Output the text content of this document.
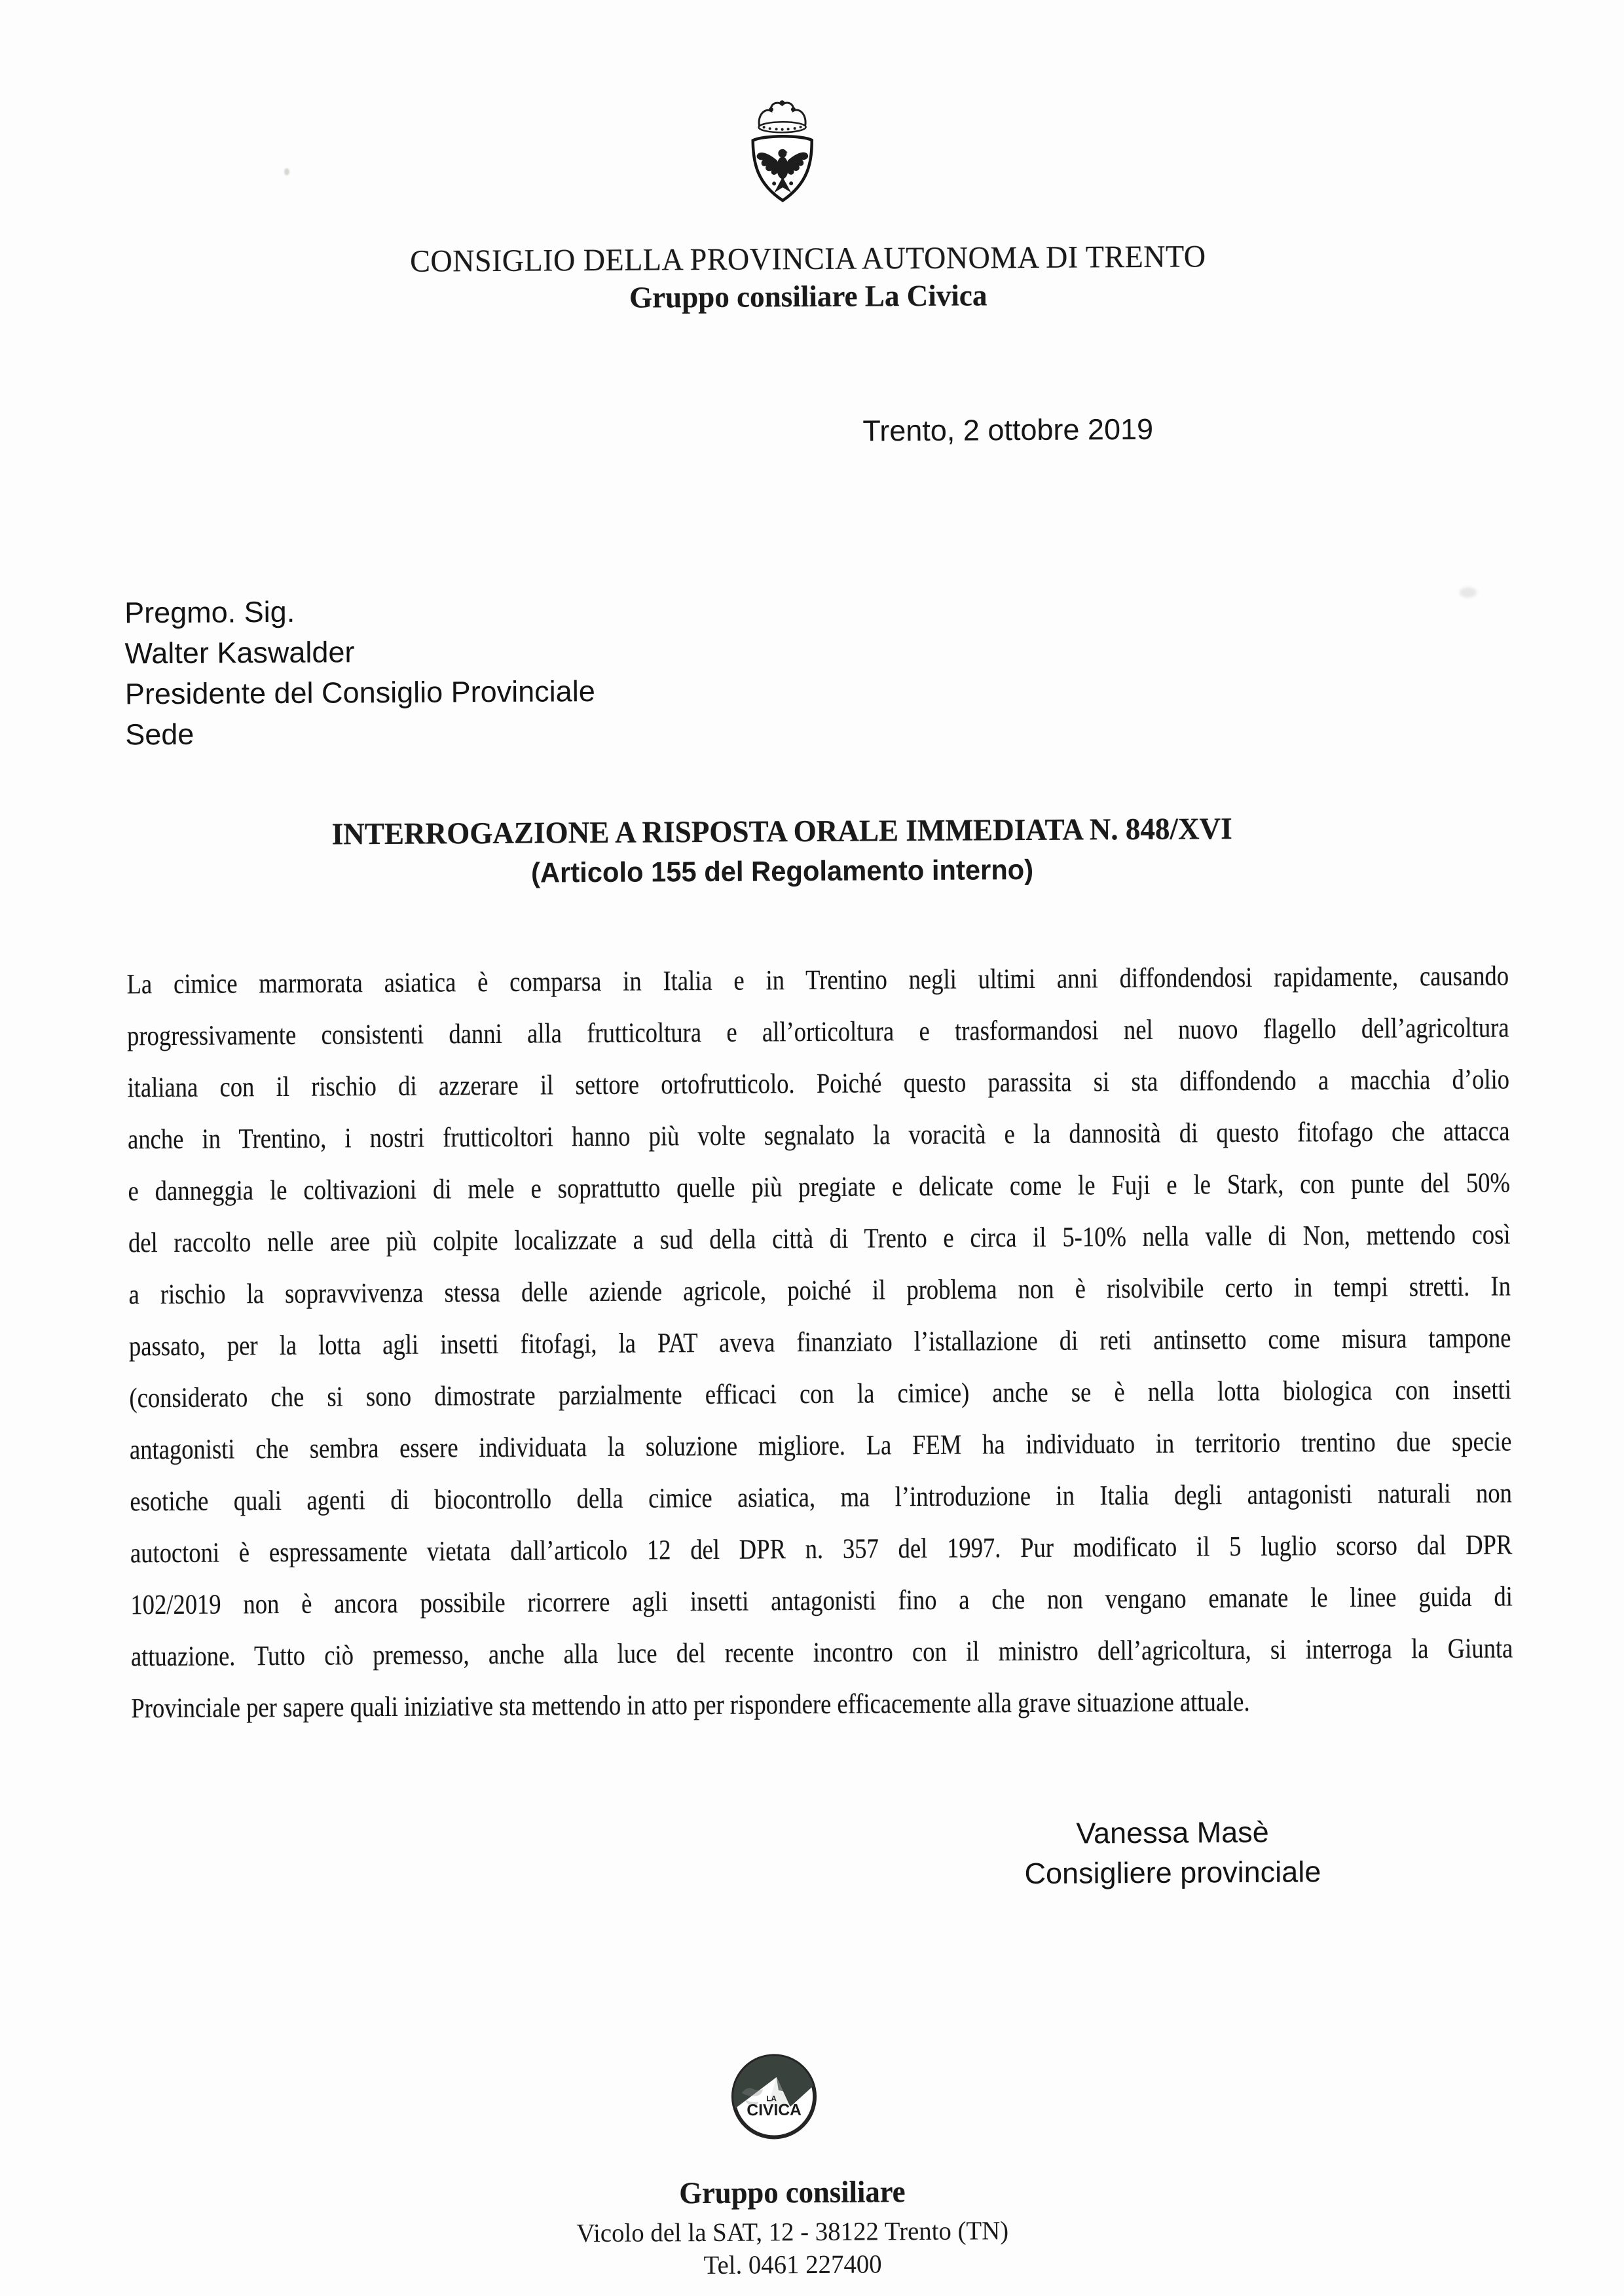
CONSIGLIO DELLA PROVINCIA AUTONOMA DI TRENTO
Gruppo consiliare La Civica
Trento, 2 ottobre 2019
Pregmo. Sig.
Walter Kaswalder
Presidente del Consiglio Provinciale
Sede
INTERROGAZIONE A RISPOSTA ORALE IMMEDIATA N. 848/XVI
(Articolo 155 del Regolamento interno)
La cimice marmorata asiatica è comparsa in Italia e in Trentino negli ultimi anni diffondendosi rapidamente, causando
progressivamente consistenti danni alla frutticoltura e all’orticoltura e trasformandosi nel nuovo flagello dell’agricoltura
italiana con il rischio di azzerare il settore ortofrutticolo. Poiché questo parassita si sta diffondendo a macchia d’olio
anche in Trentino, i nostri frutticoltori hanno più volte segnalato la voracità e la dannosità di questo fitofago che attacca
e danneggia le coltivazioni di mele e soprattutto quelle più pregiate e delicate come le Fuji e le Stark, con punte del 50%
del raccolto nelle aree più colpite localizzate a sud della città di Trento e circa il 5-10% nella valle di Non, mettendo così
a rischio la sopravvivenza stessa delle aziende agricole, poiché il problema non è risolvibile certo in tempi stretti. In
passato, per la lotta agli insetti fitofagi, la PAT aveva finanziato l’istallazione di reti antinsetto come misura tampone
(considerato che si sono dimostrate parzialmente efficaci con la cimice) anche se è nella lotta biologica con insetti
antagonisti che sembra essere individuata la soluzione migliore. La FEM ha individuato in territorio trentino due specie
esotiche quali agenti di biocontrollo della cimice asiatica, ma l’introduzione in Italia degli antagonisti naturali non
autoctoni è espressamente vietata dall’articolo 12 del DPR n. 357 del 1997. Pur modificato il 5 luglio scorso dal DPR
102/2019 non è ancora possibile ricorrere agli insetti antagonisti fino a che non vengano emanate le linee guida di
attuazione. Tutto ciò premesso, anche alla luce del recente incontro con il ministro dell’agricoltura, si interroga la Giunta
Provinciale per sapere quali iniziative sta mettendo in atto per rispondere efficacemente alla grave situazione attuale.
Vanessa Masè
Consigliere provinciale
LA
CIVICA
Gruppo consiliare
Vicolo del la SAT, 12 - 38122 Trento (TN)
Tel. 0461 227400
